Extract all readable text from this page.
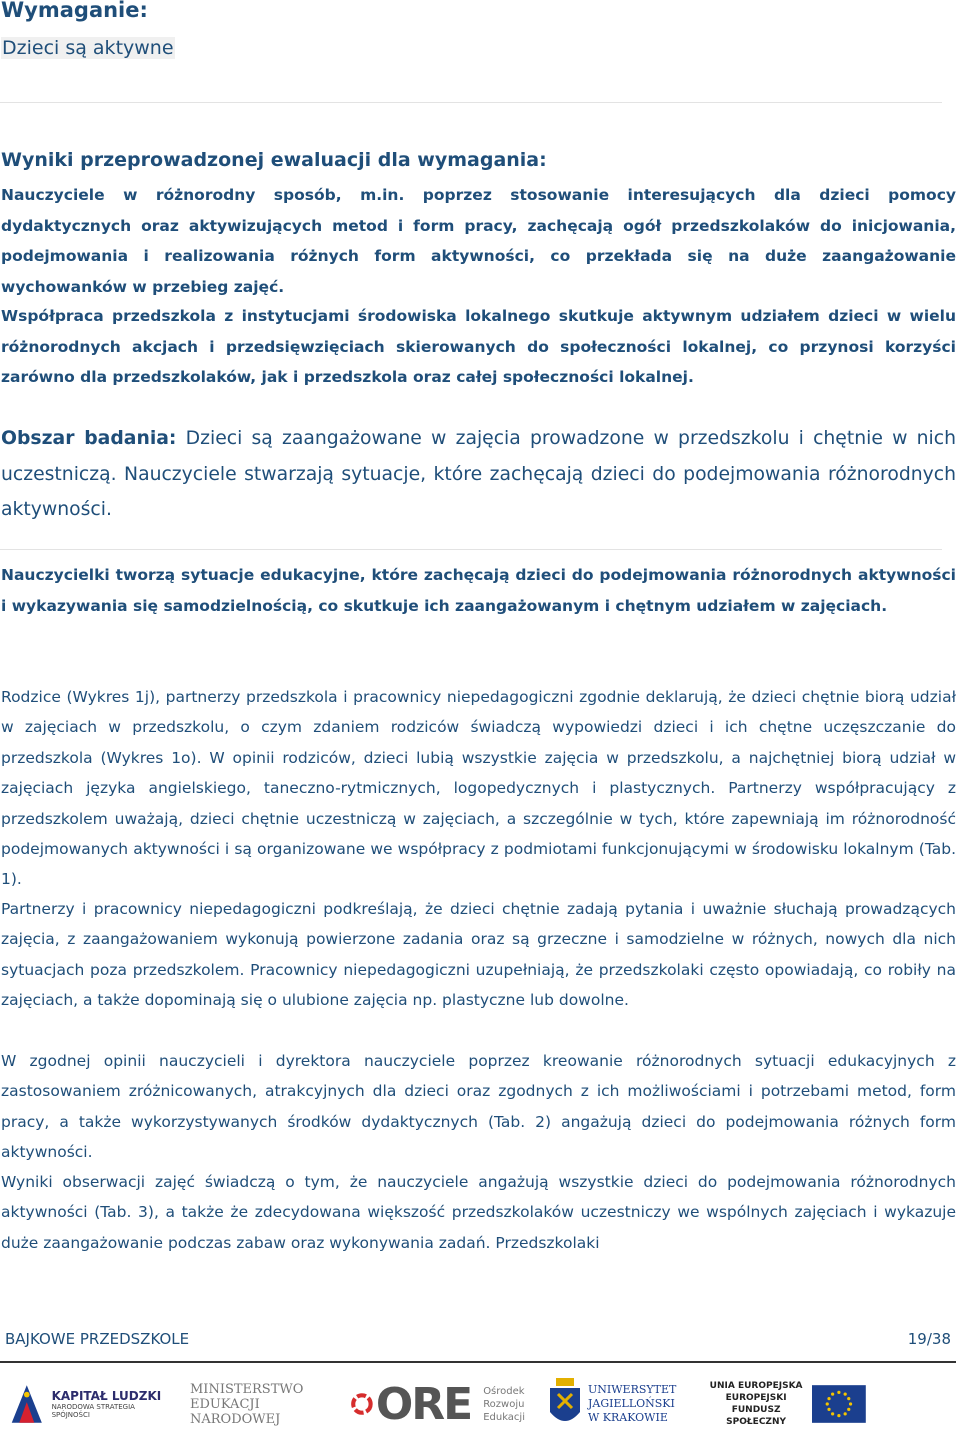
Wymaganie:
Dzieci są aktywne
Wyniki przeprowadzonej ewaluacji dla wymagania:

Nauczyciele w różnorodny sposób, m.in. poprzez stosowanie interesujących dla dzieci pomocy dydaktycznych oraz aktywizujących metod i form pracy, zachęcają ogół przedszkolaków do inicjowania, podejmowania i realizowania różnych form aktywności, co przekłada się na duże zaangażowanie wychowanków w przebieg zajęć.

Współpraca przedszkola z instytucjami środowiska lokalnego skutkuje aktywnym udziałem dzieci w wielu różnorodnych akcjach i przedsięwzięciach skierowanych do społeczności lokalnej, co przynosi korzyści zarówno dla przedszkolaków, jak i przedszkola oraz całej społeczności lokalnej.

Obszar badania: Dzieci są zaangażowane w zajęcia prowadzone w przedszkolu i chętnie w nich uczestniczą. Nauczyciele stwarzają sytuacje, które zachęcają dzieci do podejmowania różnorodnych aktywności.

Nauczycielki tworzą sytuacje edukacyjne, które zachęcają dzieci do podejmowania różnorodnych aktywności i wykazywania się samodzielnością, co skutkuje ich zaangażowanym i chętnym udziałem w zajęciach.

Rodzice (Wykres 1j), partnerzy przedszkola i pracownicy niepedagogiczni zgodnie deklarują, że dzieci chętnie biorą udział w zajęciach w przedszkolu, o czym zdaniem rodziców świadczą wypowiedzi dzieci i ich chętne uczęszczanie do przedszkola (Wykres 1o). W opinii rodziców, dzieci lubią wszystkie zajęcia w przedszkolu, a najchętniej biorą udział w zajęciach języka angielskiego, taneczno-rytmicznych, logopedycznych i plastycznych. Partnerzy współpracujący z przedszkolem uważają, dzieci chętnie uczestniczą w zajęciach, a szczególnie w tych, które zapewniają im różnorodność podejmowanych aktywności i są organizowane we współpracy z podmiotami funkcjonującymi w środowisku lokalnym (Tab. 1).

Partnerzy i pracownicy niepedagogiczni podkreślają, że dzieci chętnie zadają pytania i uważnie słuchają prowadzących zajęcia, z zaangażowaniem wykonują powierzone zadania oraz są grzeczne i samodzielne w różnych, nowych dla nich sytuacjach poza przedszkolem. Pracownicy niepedagogiczni uzupełniają, że przedszkolaki często opowiadają, co robiły na zajęciach, a także dopominają się o ulubione zajęcia np. plastyczne lub dowolne.

W zgodnej opinii nauczycieli i dyrektora nauczyciele poprzez kreowanie różnorodnych sytuacji edukacyjnych z zastosowaniem zróżnicowanych, atrakcyjnych dla dzieci oraz zgodnych z ich możliwościami i potrzebami metod, form pracy, a także wykorzystywanych środków dydaktycznych (Tab. 2) angażują dzieci do podejmowania różnych form aktywności.

Wyniki obserwacji zajęć świadczą o tym, że nauczyciele angażują wszystkie dzieci do podejmowania różnorodnych aktywności (Tab. 3), a także że zdecydowana większość przedszkolaków uczestniczy we wspólnych zajęciach i wykazuje duże zaangażowanie podczas zabaw oraz wykonywania zadań. Przedszkolaki

BAJKOWE PRZEDSZKOLE	19/38
KAPITAŁ LUDZKI
NARODOWA STRATEGIA SPÓJNOŚCI
MINISTERSTWO
EDUKACJI
NARODOWEJ	ORE Ośrodek
Rozwoju
Edukacji
UNIWERSYTET
JAGIELLOŃSKI
W KRAKOWIE
UNIA EUROPEJSKA
EUROPEJSKI
FUNDUSZ SPOŁECZNY
